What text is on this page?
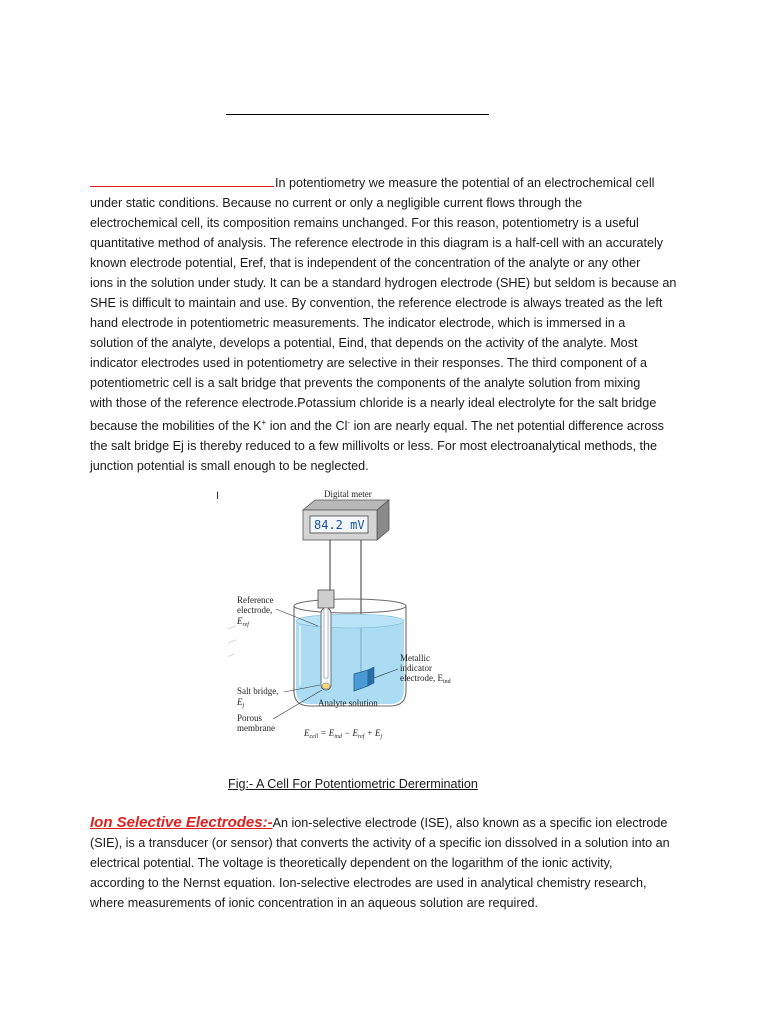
In potentiometry we measure the potential of an electrochemical cell
under static conditions. Because no current or only a negligible current flows through the
electrochemical cell, its composition remains unchanged. For this reason, potentiometry is a useful
quantitative method of analysis. The reference electrode in this diagram is a half-cell with an accurately
known electrode potential, Eref, that is independent of the concentration of the analyte or any other
ions in the solution under study. It can be a standard hydrogen electrode (SHE) but seldom is because an
SHE is difficult to maintain and use. By convention, the reference electrode is always treated as the left
hand electrode in potentiometric measurements. The indicator electrode, which is immersed in a
solution of the analyte, develops a potential, Eind, that depends on the activity of the analyte. Most
indicator electrodes used in potentiometry are selective in their responses. The third component of a
potentiometric cell is a salt bridge that prevents the components of the analyte solution from mixing
with those of the reference electrode.Potassium chloride is a nearly ideal electrolyte for the salt bridge
because the mobilities of the K+ ion and the Cl- ion are nearly equal. The net potential difference across
the salt bridge Ej is thereby reduced to a few millivolts or less. For most electroanalytical methods, the
junction potential is small enough to be neglected.

I	Digital meter
84.2 mV
Reference
electrode,
$E_{ref}$
Metallic
indicator
electrode, $E_{ind}$
Salt bridge,
$E_j$
Porous
membrane
Analyte solution
$E_{cell} = E_{ind} - E_{ref} + E_j$
Fig:- A Cell For Potentiometric Derermination

Ion Selective Electrodes:-An ion-selective electrode (ISE), also known as a specific ion electrode
(SIE), is a transducer (or sensor) that converts the activity of a specific ion dissolved in a solution into an
electrical potential. The voltage is theoretically dependent on the logarithm of the ionic activity,
according to the Nernst equation. Ion-selective electrodes are used in analytical chemistry research,
where measurements of ionic concentration in an aqueous solution are required.
